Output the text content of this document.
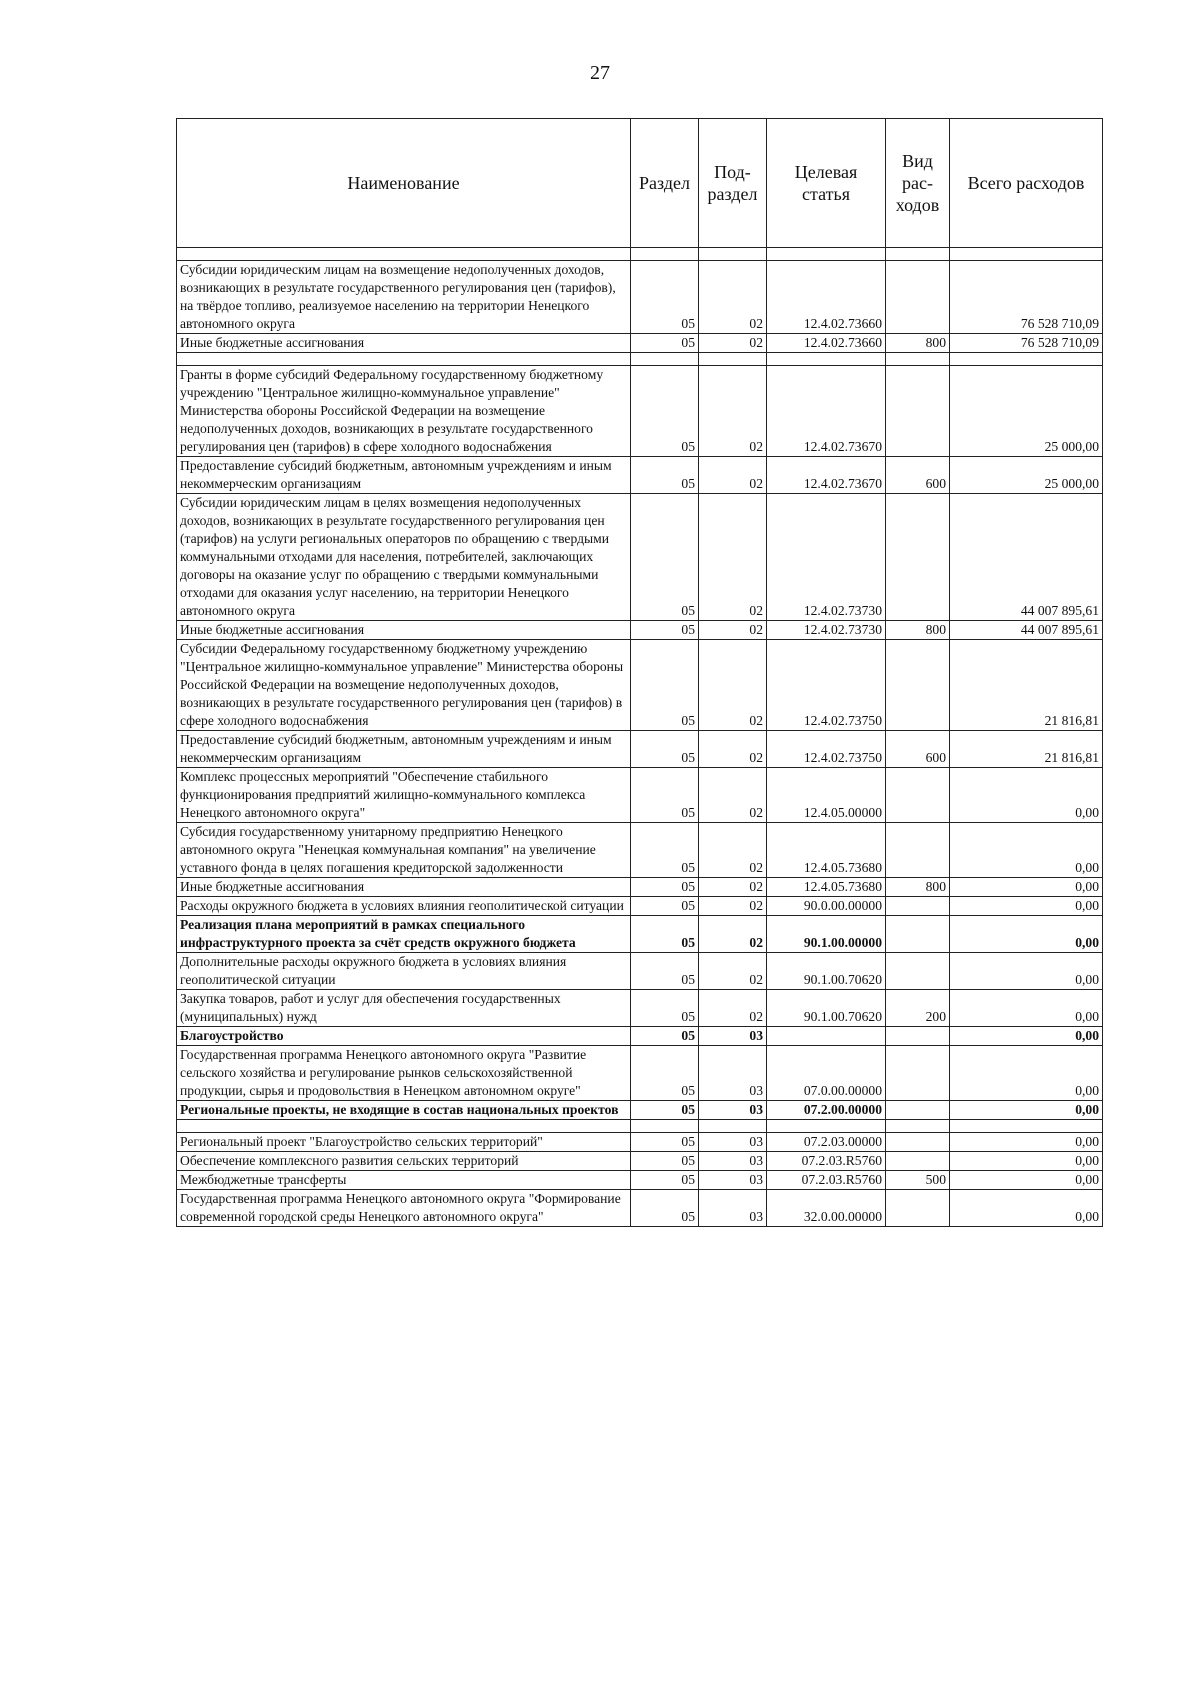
27
Наименование	Раздел	Под-раздел	Целевая статья	Вид рас-ходов	Всего расходов

Субсидии юридическим лицам на возмещение недополученных доходов, возникающих в результате государственного регулирования цен (тарифов), на твёрдое топливо, реализуемое населению на территории Ненецкого автономного округа	05	02	12.4.02.73660		76 528 710,09
Иные бюджетные ассигнования	05	02	12.4.02.73660	800	76 528 710,09

Гранты в форме субсидий Федеральному государственному бюджетному учреждению "Центральное жилищно-коммунальное управление" Министерства обороны Российской Федерации на возмещение недополученных доходов, возникающих в результате государственного регулирования цен (тарифов) в сфере холодного водоснабжения	05	02	12.4.02.73670		25 000,00
Предоставление субсидий бюджетным, автономным учреждениям и иным некоммерческим организациям	05	02	12.4.02.73670	600	25 000,00
Субсидии юридическим лицам в целях возмещения недополученных доходов, возникающих в результате государственного регулирования цен (тарифов) на услуги региональных операторов по обращению с твердыми коммунальными отходами для населения, потребителей, заключающих договоры на оказание услуг по обращению с твердыми коммунальными отходами для оказания услуг населению, на территории Ненецкого автономного округа	05	02	12.4.02.73730		44 007 895,61
Иные бюджетные ассигнования	05	02	12.4.02.73730	800	44 007 895,61
Субсидии Федеральному государственному бюджетному учреждению "Центральное жилищно-коммунальное управление" Министерства обороны Российской Федерации на возмещение недополученных доходов, возникающих в результате государственного регулирования цен (тарифов) в сфере холодного водоснабжения	05	02	12.4.02.73750		21 816,81
Предоставление субсидий бюджетным, автономным учреждениям и иным некоммерческим организациям	05	02	12.4.02.73750	600	21 816,81
Комплекс процессных мероприятий "Обеспечение стабильного функционирования предприятий жилищно-коммунального комплекса Ненецкого автономного округа"	05	02	12.4.05.00000		0,00
Субсидия государственному унитарному предприятию Ненецкого автономного округа "Ненецкая коммунальная компания" на увеличение уставного фонда в целях погашения кредиторской задолженности	05	02	12.4.05.73680		0,00
Иные бюджетные ассигнования	05	02	12.4.05.73680	800	0,00
Расходы окружного бюджета в условиях влияния геополитической ситуации	05	02	90.0.00.00000		0,00
Реализация плана мероприятий в рамках специального инфраструктурного проекта за счёт средств окружного бюджета	05	02	90.1.00.00000		0,00
Дополнительные расходы окружного бюджета в условиях влияния геополитической ситуации	05	02	90.1.00.70620		0,00
Закупка товаров, работ и услуг для обеспечения государственных (муниципальных) нужд	05	02	90.1.00.70620	200	0,00
Благоустройство	05	03			0,00
Государственная программа Ненецкого автономного округа "Развитие сельского хозяйства и регулирование рынков сельскохозяйственной продукции, сырья и продовольствия в Ненецком автономном округе"	05	03	07.0.00.00000		0,00
Региональные проекты, не входящие в состав национальных проектов	05	03	07.2.00.00000		0,00

Региональный проект "Благоустройство сельских территорий"	05	03	07.2.03.00000		0,00
Обеспечение комплексного развития сельских территорий	05	03	07.2.03.R5760		0,00
Межбюджетные трансферты	05	03	07.2.03.R5760	500	0,00
Государственная программа Ненецкого автономного округа "Формирование современной городской среды Ненецкого автономного округа"	05	03	32.0.00.00000		0,00
